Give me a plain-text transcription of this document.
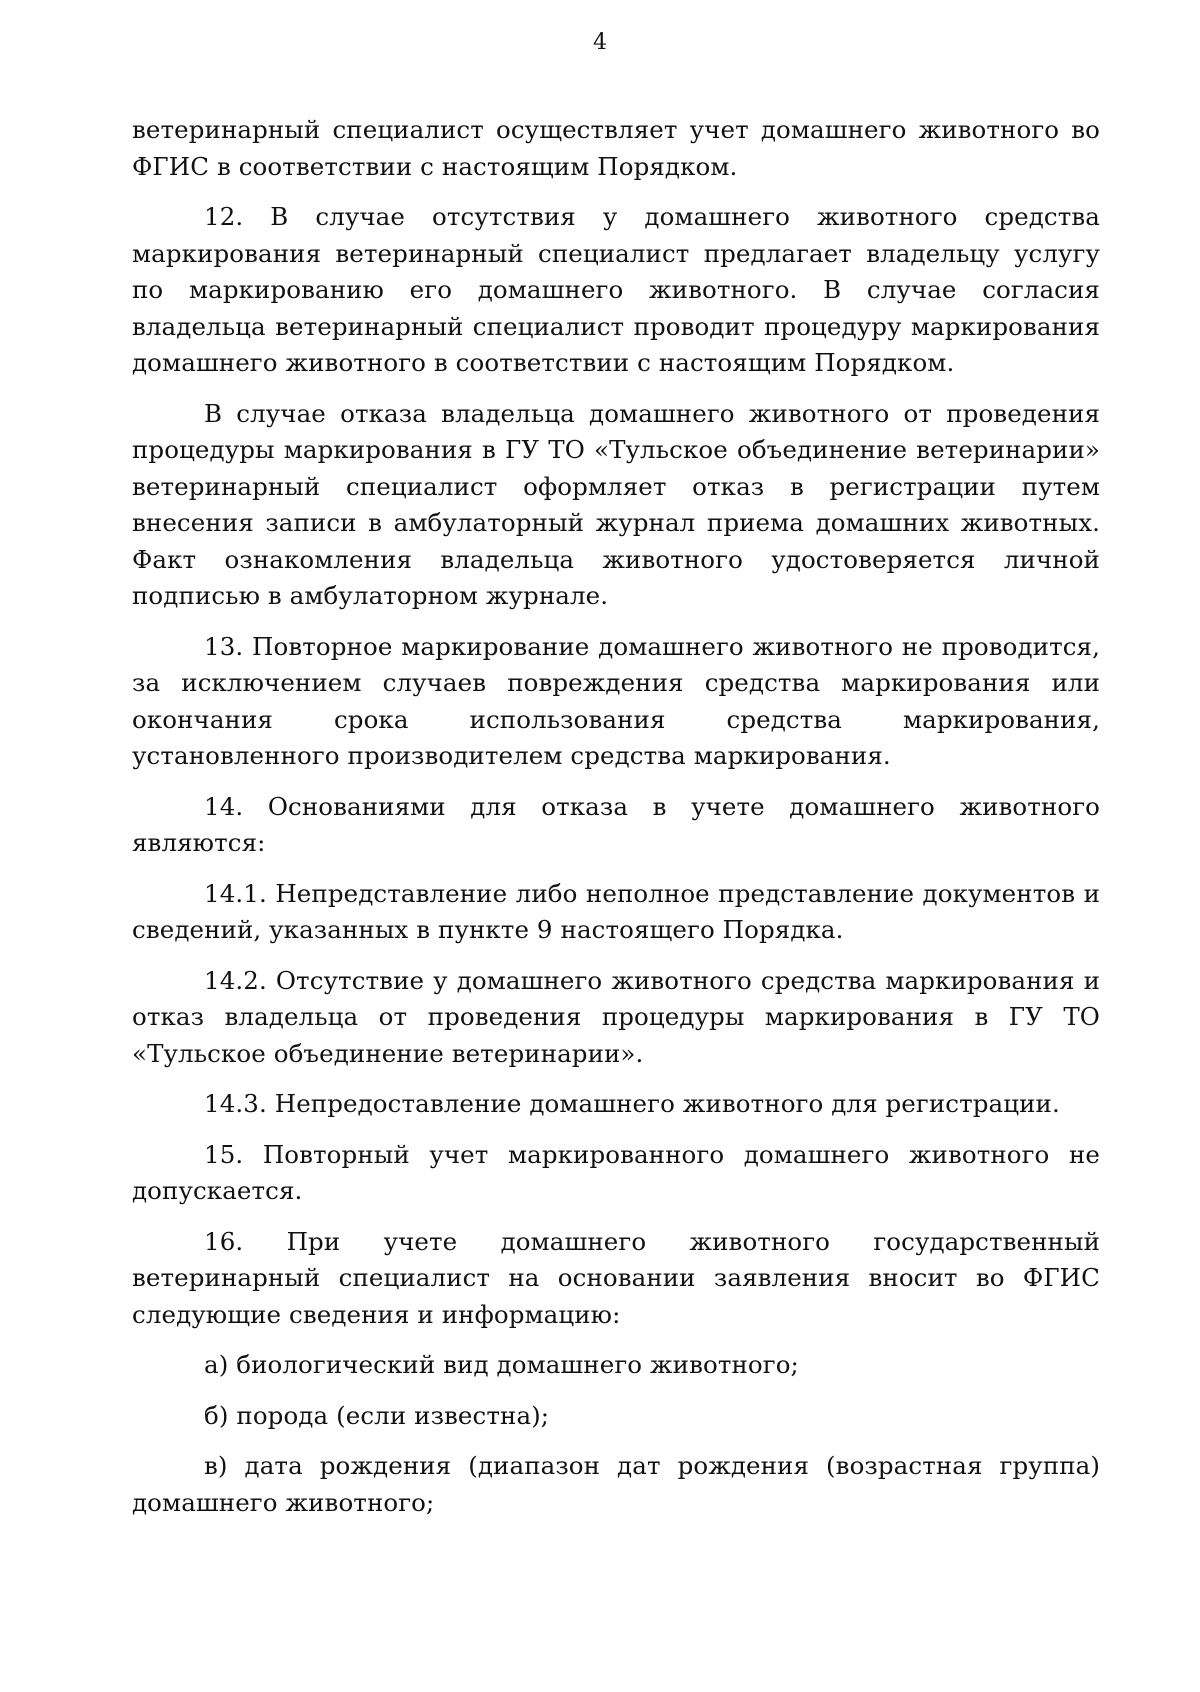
4

ветеринарный специалист осуществляет учет домашнего животного во ФГИС в соответствии с настоящим Порядком.

12. В случае отсутствия у домашнего животного средства маркирования ветеринарный специалист предлагает владельцу услугу по маркированию его домашнего животного. В случае согласия владельца ветеринарный специалист проводит процедуру маркирования домашнего животного в соответствии с настоящим Порядком.

В случае отказа владельца домашнего животного от проведения процедуры маркирования в ГУ ТО «Тульское объединение ветеринарии» ветеринарный специалист оформляет отказ в регистрации путем внесения записи в амбулаторный журнал приема домашних животных. Факт ознакомления владельца животного удостоверяется личной подписью в амбулаторном журнале.

13. Повторное маркирование домашнего животного не проводится, за исключением случаев повреждения средства маркирования или окончания срока использования средства маркирования, установленного производителем средства маркирования.

14. Основаниями для отказа в учете домашнего животного являются:

14.1. Непредставление либо неполное представление документов и сведений, указанных в пункте 9 настоящего Порядка.

14.2. Отсутствие у домашнего животного средства маркирования и отказ владельца от проведения процедуры маркирования в ГУ ТО «Тульское объединение ветеринарии».

14.3. Непредоставление домашнего животного для регистрации.

15. Повторный учет маркированного домашнего животного не допускается.

16. При учете домашнего животного государственный ветеринарный специалист на основании заявления вносит во ФГИС следующие сведения и информацию:

а) биологический вид домашнего животного;

б) порода (если известна);

в) дата рождения (диапазон дат рождения (возрастная группа) домашнего животного;
